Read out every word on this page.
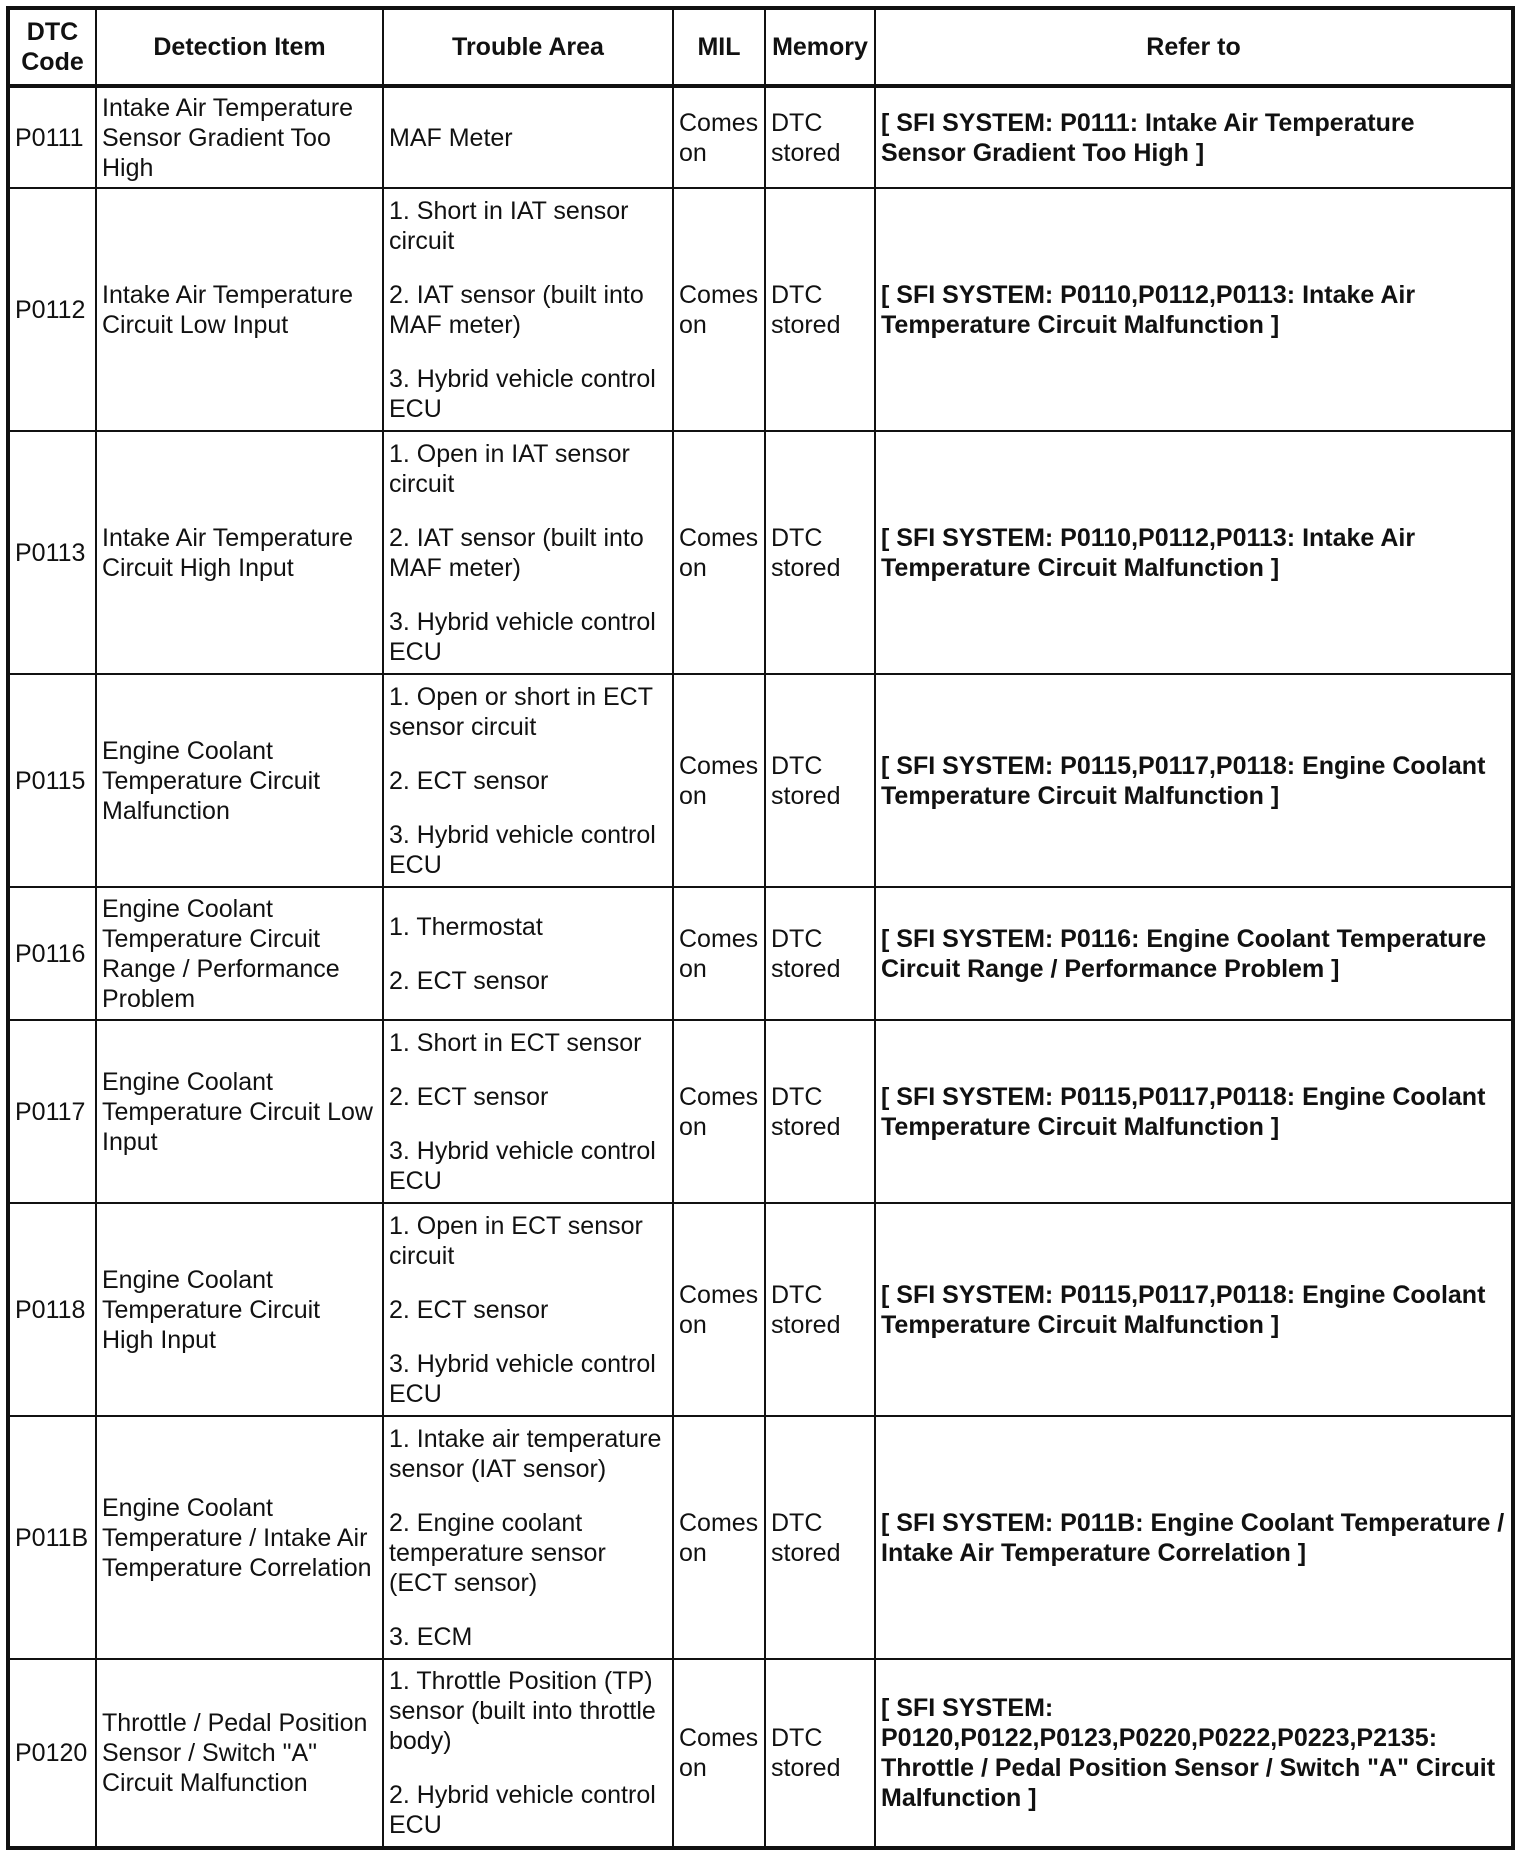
DTC Code	Detection Item	Trouble Area	MIL	Memory	Refer to
P0111	Intake Air Temperature Sensor Gradient Too High	MAF Meter	Comes on	DTC stored	[ SFI SYSTEM: P0111: Intake Air Temperature Sensor Gradient Too High ]
P0112	Intake Air Temperature Circuit Low Input	1. Short in IAT sensor circuit

2. IAT sensor (built into MAF meter)

3. Hybrid vehicle control ECU	Comes on	DTC stored	[ SFI SYSTEM: P0110,P0112,P0113: Intake Air Temperature Circuit Malfunction ]
P0113	Intake Air Temperature Circuit High Input	1. Open in IAT sensor circuit

2. IAT sensor (built into MAF meter)

3. Hybrid vehicle control ECU	Comes on	DTC stored	[ SFI SYSTEM: P0110,P0112,P0113: Intake Air Temperature Circuit Malfunction ]
P0115	Engine Coolant Temperature Circuit Malfunction	1. Open or short in ECT sensor circuit

2. ECT sensor

3. Hybrid vehicle control ECU	Comes on	DTC stored	[ SFI SYSTEM: P0115,P0117,P0118: Engine Coolant Temperature Circuit Malfunction ]
P0116	Engine Coolant Temperature Circuit Range / Performance Problem	1. Thermostat

2. ECT sensor	Comes on	DTC stored	[ SFI SYSTEM: P0116: Engine Coolant Temperature Circuit Range / Performance Problem ]
P0117	Engine Coolant Temperature Circuit Low Input	1. Short in ECT sensor

2. ECT sensor

3. Hybrid vehicle control ECU	Comes on	DTC stored	[ SFI SYSTEM: P0115,P0117,P0118: Engine Coolant Temperature Circuit Malfunction ]
P0118	Engine Coolant Temperature Circuit High Input	1. Open in ECT sensor circuit

2. ECT sensor

3. Hybrid vehicle control ECU	Comes on	DTC stored	[ SFI SYSTEM: P0115,P0117,P0118: Engine Coolant Temperature Circuit Malfunction ]
P011B	Engine Coolant Temperature / Intake Air Temperature Correlation	1. Intake air temperature sensor (IAT sensor)

2. Engine coolant temperature sensor (ECT sensor)

3. ECM	Comes on	DTC stored	[ SFI SYSTEM: P011B: Engine Coolant Temperature / Intake Air Temperature Correlation ]
P0120	Throttle / Pedal Position Sensor / Switch "A" Circuit Malfunction	1. Throttle Position (TP) sensor (built into throttle body)

2. Hybrid vehicle control ECU	Comes on	DTC stored	[ SFI SYSTEM: P0120,P0122,P0123,P0220,P0222,P0223,P2135: Throttle / Pedal Position Sensor / Switch "A" Circuit Malfunction ]
